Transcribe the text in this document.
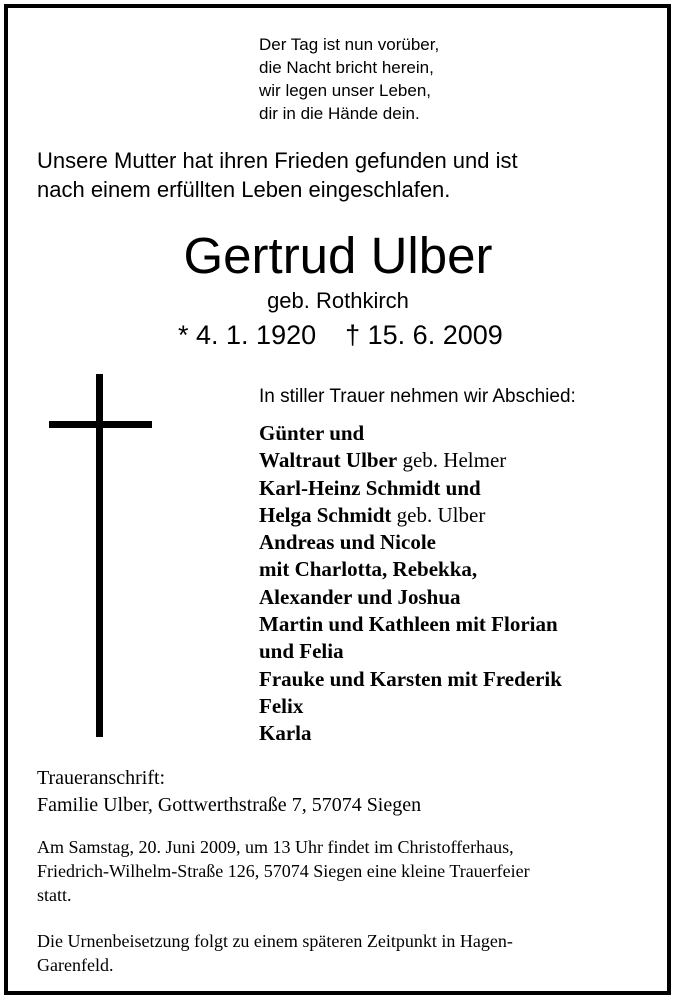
Der Tag ist nun vorüber,
die Nacht bricht herein,
wir legen unser Leben,
dir in die Hände dein.
Unsere Mutter hat ihren Frieden gefunden und ist
nach einem erfüllten Leben eingeschlafen.
Gertrud Ulber
geb. Rothkirch
* 4. 1. 1920 † 15. 6. 2009
In stiller Trauer nehmen wir Abschied:
Günter und
Waltraut Ulber geb. Helmer
Karl-Heinz Schmidt und
Helga Schmidt geb. Ulber
Andreas und Nicole
mit Charlotta, Rebekka,
Alexander und Joshua
Martin und Kathleen mit Florian
und Felia
Frauke und Karsten mit Frederik
Felix
Karla
Traueranschrift:
Familie Ulber, Gottwerthstraße 7, 57074 Siegen
Am Samstag, 20. Juni 2009, um 13 Uhr findet im Christofferhaus,
Friedrich-Wilhelm-Straße 126, 57074 Siegen eine kleine Trauerfeier
statt.
Die Urnenbeisetzung folgt zu einem späteren Zeitpunkt in Hagen-
Garenfeld.
